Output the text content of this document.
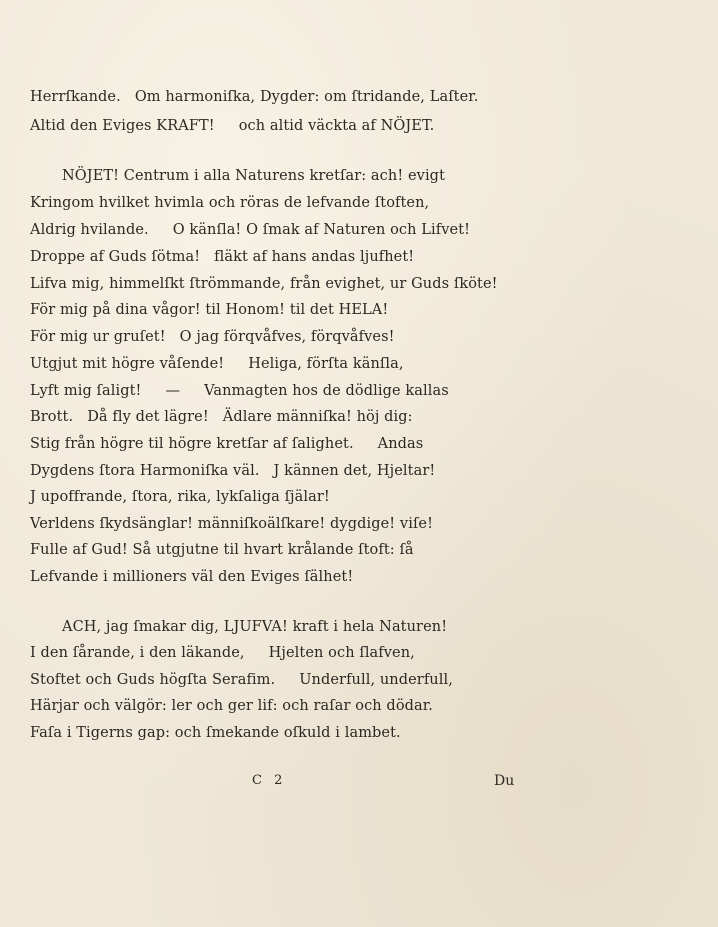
Herrſkande. Om harmoniſka, Dygder: om ſtridande, Laſter.
Altid den Eviges KRAFT! och altid väckta af NÖJET.
NÖJET! Centrum i alla Naturens kretſar: ach! evigt
Kringom hvilket hvimla och röras de lefvande ſtoften,
Aldrig hvilande. O känſla! O ſmak af Naturen och Lifvet!
Droppe af Guds ſötma! fläkt af hans andas ljufhet!
Lifva mig, himmelſkt ſtrömmande, från evighet, ur Guds ſköte!
För mig på dina vågor! til Honom! til det HELA!
För mig ur gruſet! O jag förqvåfves, förqvåfves!
Utgjut mit högre våſende! Heliga, förſta känſla,
Lyft mig ſaligt! — Vanmagten hos de dödlige kallas
Brott. Då fly det lägre! Ädlare männiſka! höj dig:
Stig från högre til högre kretſar af ſalighet. Andas
Dygdens ſtora Harmoniſka väl. J kännen det, Hjeltar!
J upoffrande, ſtora, rika, lykſaliga ſjälar!
Verldens ſkydsänglar! männiſkoälſkare! dygdige! viſe!
Fulle af Gud! Så utgjutne til hvart krålande ſtoft: ſå
Lefvande i millioners väl den Eviges ſälhet!
ACH, jag ſmakar dig, LJUFVA! kraft i hela Naturen!
I den ſårande, i den läkande, Hjelten och ſlafven,
Stoftet och Guds högſta Serafim. Underfull, underfull,
Härjar och välgör: ler och ger lif: och raſar och dödar.
Faſa i Tigerns gap: och ſmekande oſkuld i lambet.
C 2	Du
